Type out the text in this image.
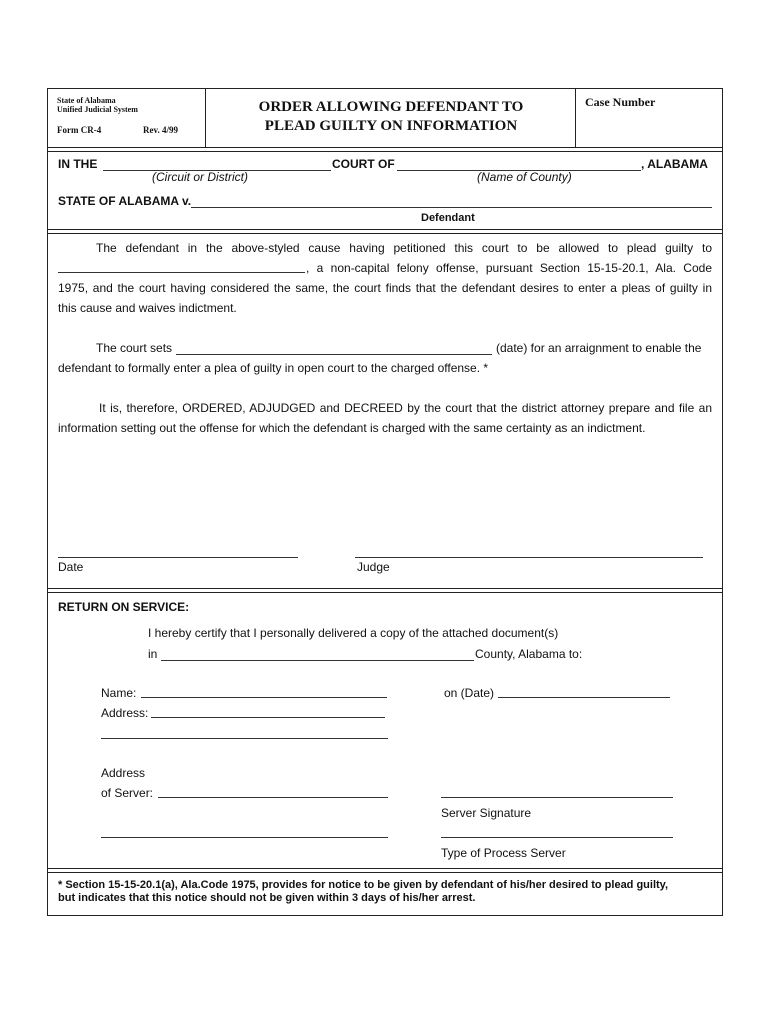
State of Alabama
Unified Judicial System
Form CR-4	Rev. 4/99
ORDER ALLOWING DEFENDANT TO
PLEAD GUILTY ON INFORMATION
Case Number
IN THE	COURT OF	, ALABAMA
(Circuit or District)	(Name of County)
STATE OF ALABAMA v.
Defendant
The defendant in the above-styled cause having petitioned this court to be allowed to plead guilty to
, a non-capital felony offense, pursuant Section 15-15-20.1, Ala. Code
1975, and the court having considered the same, the court finds that the defendant desires to enter a pleas of guilty in
this cause and waives indictment.
The court sets	(date) for an arraignment to enable the
defendant to formally enter a plea of guilty in open court to the charged offense. *
It is, therefore, ORDERED, ADJUDGED and DECREED by the court that the district attorney prepare and file an
information setting out the offense for which the defendant is charged with the same certainty as an indictment.
Date	Judge
RETURN ON SERVICE:
I hereby certify that I personally delivered a copy of the attached document(s)
in	County, Alabama to:
Name:	on (Date)
Address:
Address
of Server:
Server Signature
Type of Process Server
* Section 15-15-20.1(a), Ala.Code 1975, provides for notice to be given by defendant of his/her desired to plead guilty,
but indicates that this notice should not be given within 3 days of his/her arrest.
